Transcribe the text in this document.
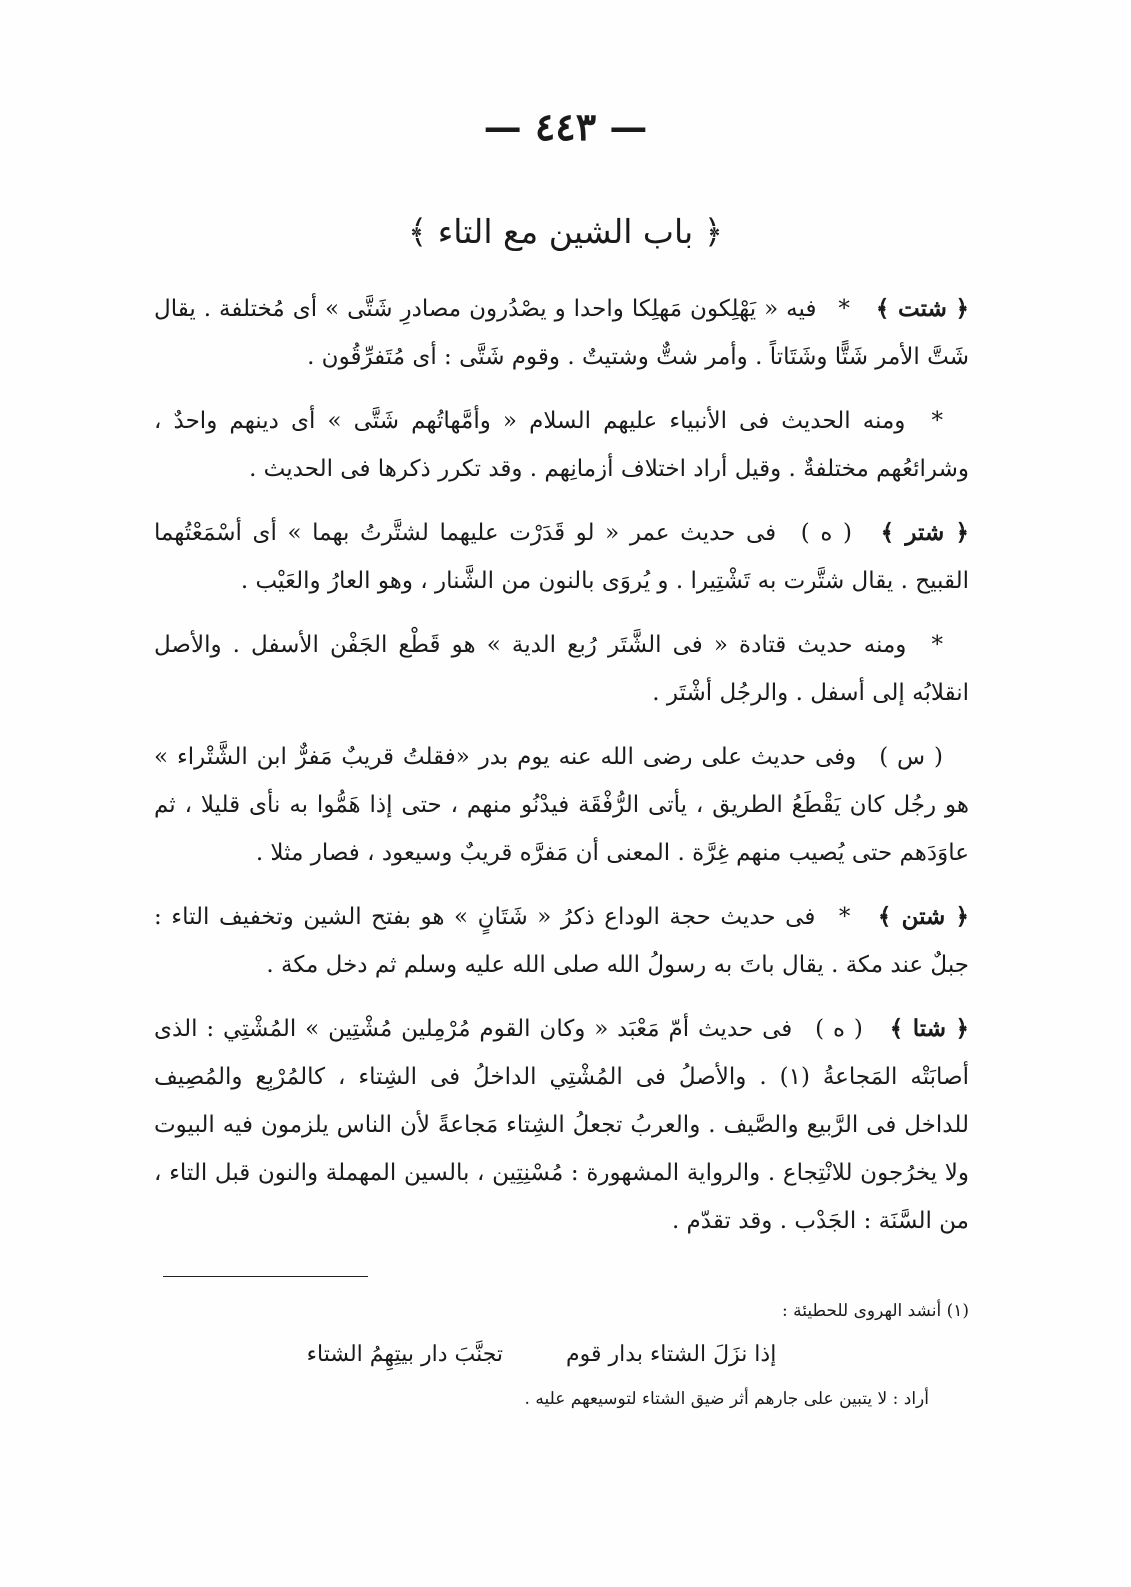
— ٤٤٣ —
﴿ باب الشين مع التاء ﴾

﴿ شتت ﴾ * فيه « يَهْلِكون مَهلِكا واحدا و يصْدُرون مصادرِ شَتَّى » أى مُختلفة . يقال شَتَّ الأمر شَتًّا وشَتَاتاً . وأمر شتٌّ وشتيتٌ . وقوم شَتَّى : أى مُتَفرِّقُون .

* ومنه الحديث فى الأنبياء عليهم السلام « وأمَّهاتُهم شَتَّى » أى دينهم واحدٌ ، وشرائعُهم مختلفةٌ . وقيل أراد اختلاف أزمانِهم . وقد تكرر ذكرها فى الحديث .

﴿ شتر ﴾ ( ه ) فى حديث عمر « لو قَدَرْت عليهما لشتَّرتُ بهما » أى أسْمَعْتُهما القبيح . يقال شتَّرت به تَشْتِيرا . و يُروَى بالنون من الشَّنار ، وهو العارُ والعَيْب .

* ومنه حديث قتادة « فى الشَّتَر رُبع الدية » هو قَطْع الجَفْن الأسفل . والأصل انقلابُه إلى أسفل . والرجُل أشْتَر .

( س ) وفى حديث على رضى الله عنه يوم بدر «فقلتُ قريبٌ مَفرٌّ ابن الشَّتْراء » هو رجُل كان يَقْطَعُ الطريق ، يأتى الرُّفْقَة فيدْنُو منهم ، حتى إذا هَمُّوا به نأى قليلا ، ثم عاوَدَهم حتى يُصيب منهم غِرَّة . المعنى أن مَفرَّه قريبٌ وسيعود ، فصار مثلا .

﴿ شتن ﴾ * فى حديث حجة الوداع ذكرُ « شَتَانٍ » هو بفتح الشين وتخفيف التاء : جبلٌ عند مكة . يقال باتَ به رسولُ الله صلى الله عليه وسلم ثم دخل مكة .

﴿ شتا ﴾ ( ه ) فى حديث أمّ مَعْبَد « وكان القوم مُرْمِلين مُشْتِين » المُشْتِي : الذى أصابَتْه المَجاعةُ (١) . والأصلُ فى المُشْتِي الداخلُ فى الشِتاء ، كالمُرْبِع والمُصِيف للداخل فى الرَّبيع والصَّيف . والعربُ تجعلُ الشِتاء مَجاعةً لأن الناس يلزمون فيه البيوت ولا يخرُجون للانْتِجاع . والرواية المشهورة : مُسْنِتِين ، بالسين المهملة والنون قبل التاء ، من السَّنَة : الجَدْب . وقد تقدّم .

(١) أنشد الهروى للحطيئة :
إذا نزَلَ الشتاء بدار قوم تجنَّبَ دار بيتِهِمُ الشتاء
أراد : لا يتبين على جارهم أثر ضيق الشتاء لتوسيعهم عليه .
